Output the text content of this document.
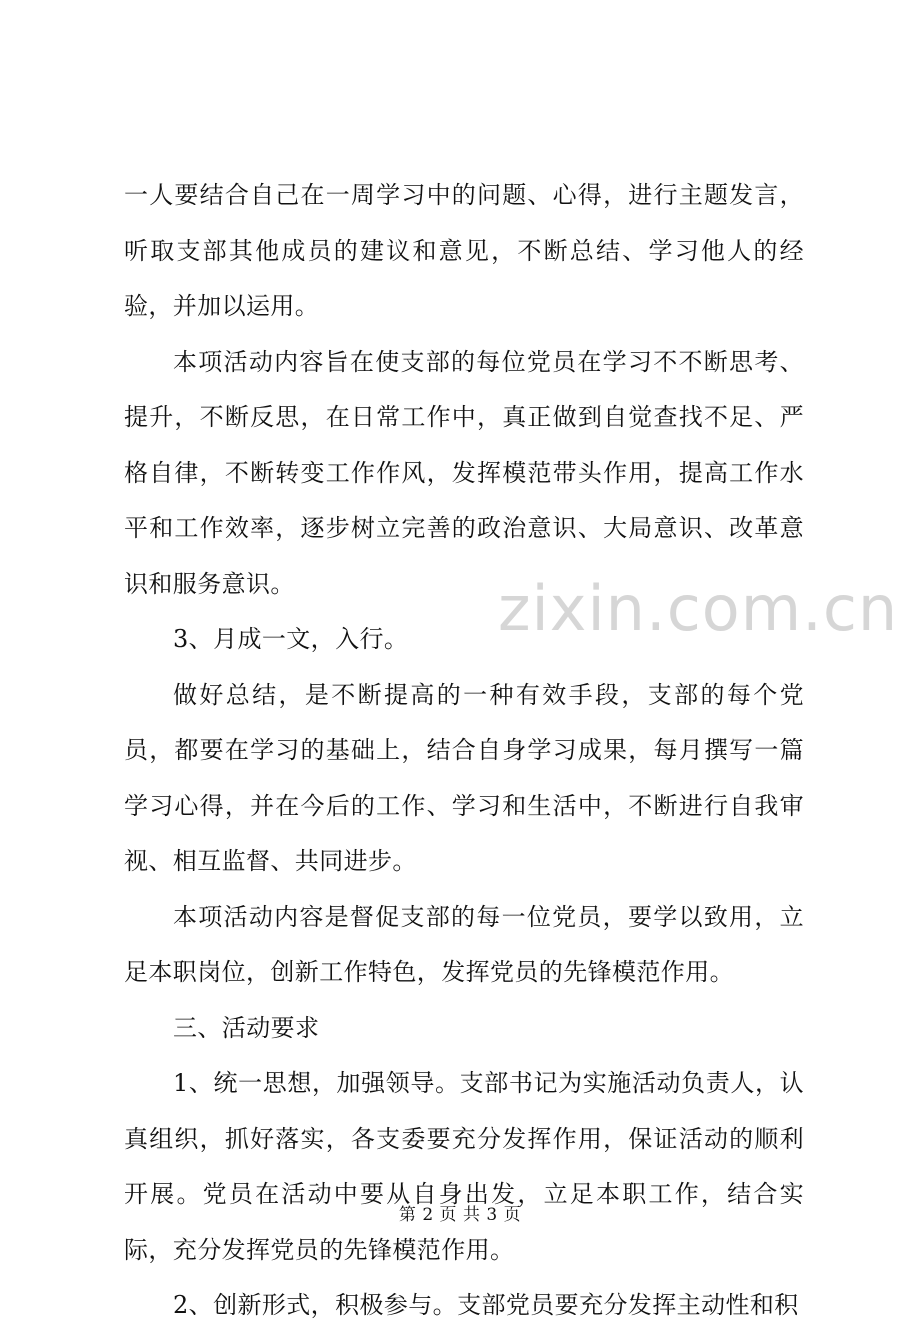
zixin.com.cn

一人要结合自己在一周学习中的问题、心得，进行主题发言，听取支部其他成员的建议和意见，不断总结、学习他人的经验，并加以运用。

本项活动内容旨在使支部的每位党员在学习不不断思考、提升，不断反思，在日常工作中，真正做到自觉查找不足、严格自律，不断转变工作作风，发挥模范带头作用，提高工作水平和工作效率，逐步树立完善的政治意识、大局意识、改革意识和服务意识。

3、月成一文，入行。

做好总结，是不断提高的一种有效手段，支部的每个党员，都要在学习的基础上，结合自身学习成果，每月撰写一篇学习心得，并在今后的工作、学习和生活中，不断进行自我审视、相互监督、共同进步。

本项活动内容是督促支部的每一位党员，要学以致用，立足本职岗位，创新工作特色，发挥党员的先锋模范作用。

三、活动要求

1、统一思想，加强领导。支部书记为实施活动负责人，认真组织，抓好落实，各支委要充分发挥作用，保证活动的顺利开展。党员在活动中要从自身出发，立足本职工作，结合实际，充分发挥党员的先锋模范作用。

2、创新形式，积极参与。支部党员要充分发挥主动性和积

第 2 页 共 3 页
